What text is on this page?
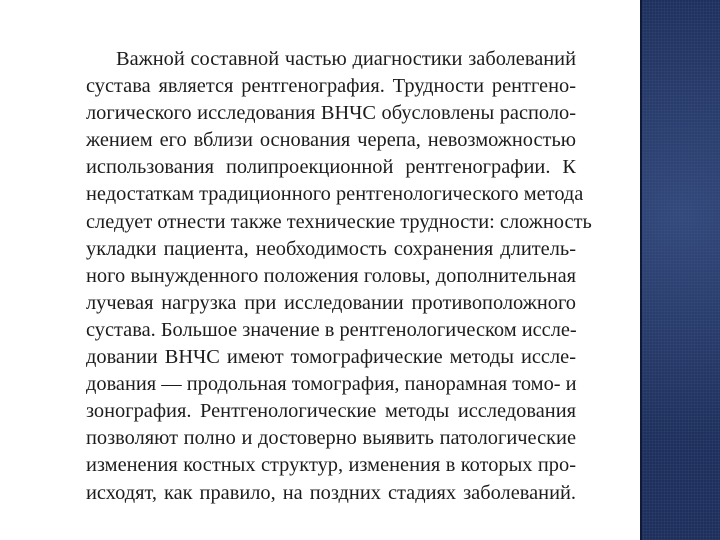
Важной составной частью диагностики заболеваний
сустава является рентгенография. Трудности рентгено-
логического исследования ВНЧС обусловлены располо-
жением его вблизи основания черепа, невозможностью
использования полипроекционной рентгенографии. К
недостаткам традиционного рентгенологического метода
следует отнести также технические трудности: сложность
укладки пациента, необходимость сохранения длитель-
ного вынужденного положения головы, дополнительная
лучевая нагрузка при исследовании противоположного
сустава. Большое значение в рентгенологическом иссле-
довании ВНЧС имеют томографические методы иссле-
дования — продольная томография, панорамная томо- и
зонография. Рентгенологические методы исследования
позволяют полно и достоверно выявить патологические
изменения костных структур, изменения в которых про-
исходят, как правило, на поздних стадиях заболеваний.
